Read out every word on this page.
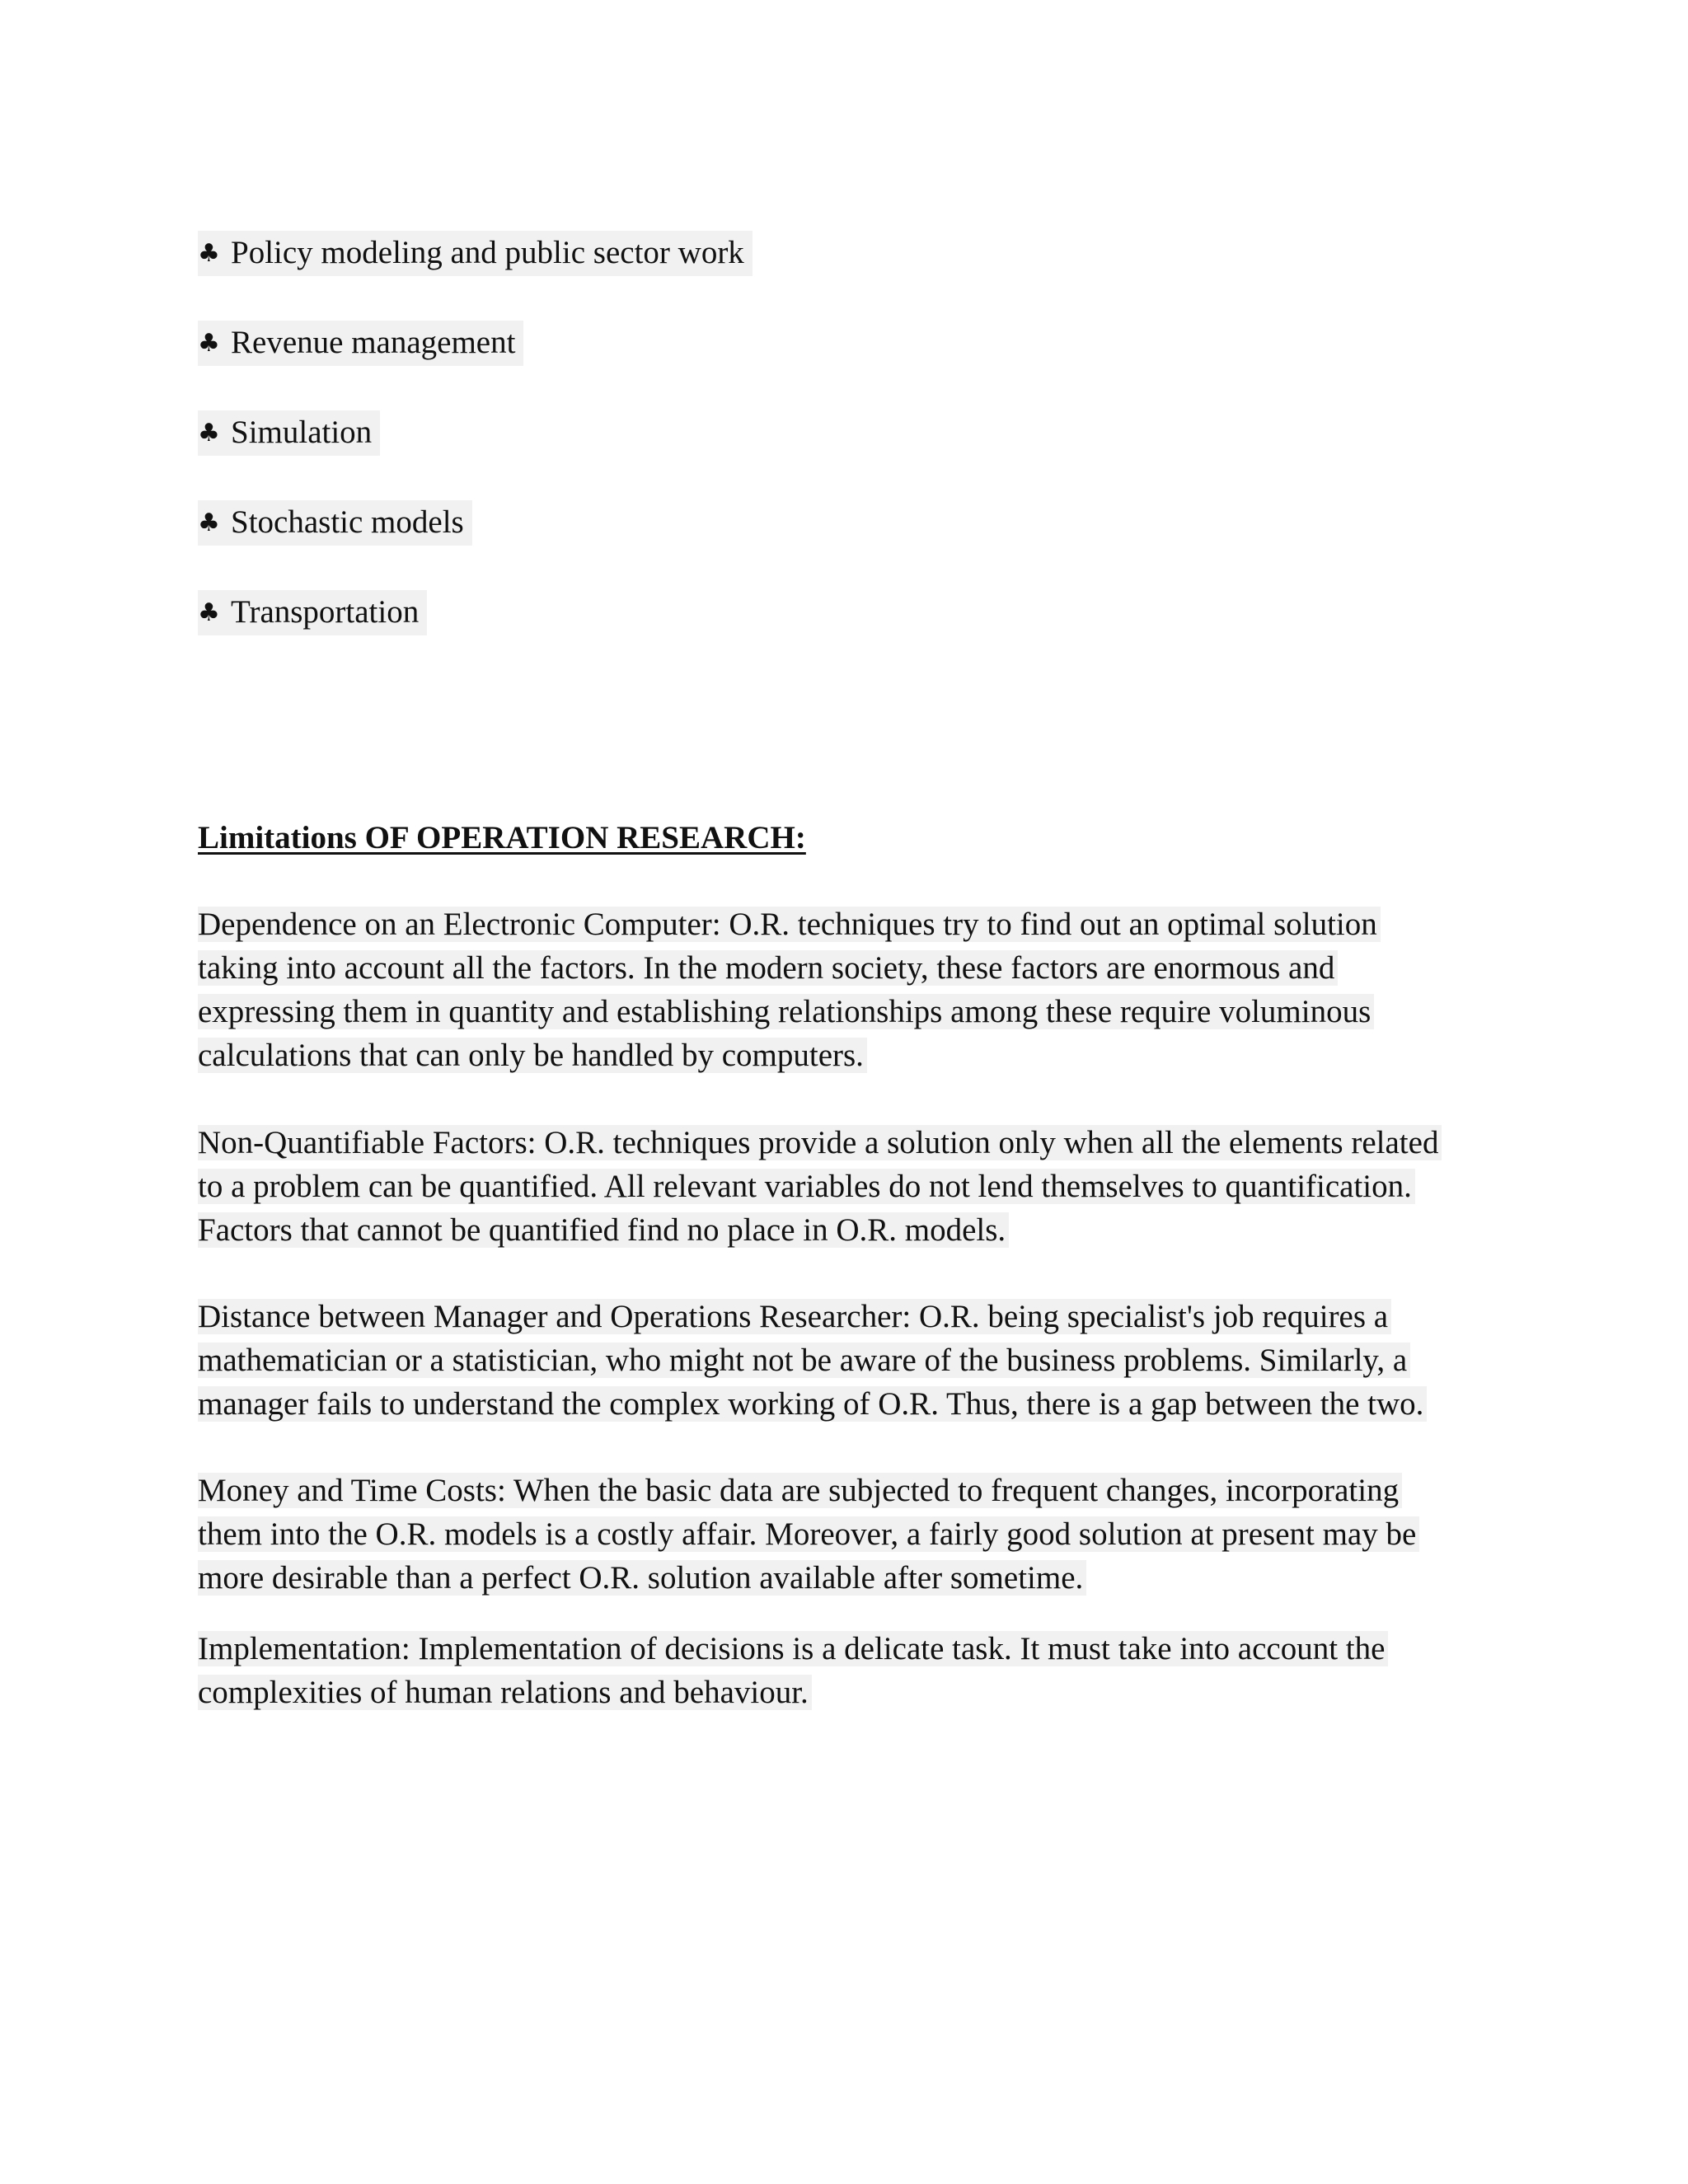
♣ Policy modeling and public sector work
♣ Revenue management
♣ Simulation
♣ Stochastic models
♣ Transportation
Limitations OF OPERATION RESEARCH:
Dependence on an Electronic Computer: O.R. techniques try to find out an optimal solution
taking into account all the factors. In the modern society, these factors are enormous and
expressing them in quantity and establishing relationships among these require voluminous
calculations that can only be handled by computers.
Non-Quantifiable Factors: O.R. techniques provide a solution only when all the elements related
to a problem can be quantified. All relevant variables do not lend themselves to quantification.
Factors that cannot be quantified find no place in O.R. models.
Distance between Manager and Operations Researcher: O.R. being specialist's job requires a
mathematician or a statistician, who might not be aware of the business problems. Similarly, a
manager fails to understand the complex working of O.R. Thus, there is a gap between the two.
Money and Time Costs: When the basic data are subjected to frequent changes, incorporating
them into the O.R. models is a costly affair. Moreover, a fairly good solution at present may be
more desirable than a perfect O.R. solution available after sometime.
Implementation: Implementation of decisions is a delicate task. It must take into account the
complexities of human relations and behaviour.
